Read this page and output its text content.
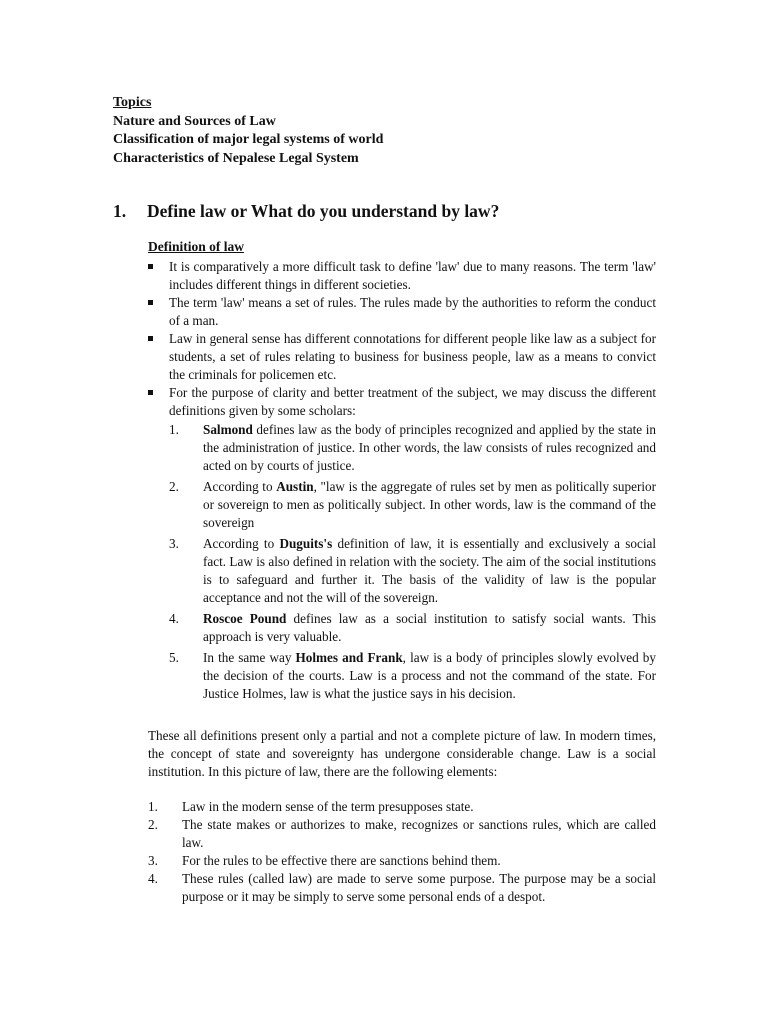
Topics
Nature and Sources of Law
Classification of major legal systems of world
Characteristics of Nepalese Legal System
1. Define law or What do you understand by law?
Definition of law
It is comparatively a more difficult task to define 'law' due to many reasons. The term 'law' includes different things in different societies.
The term 'law' means a set of rules. The rules made by the authorities to reform the conduct of a man.
Law in general sense has different connotations for different people like law as a subject for students, a set of rules relating to business for business people, law as a means to convict the criminals for policemen etc.
For the purpose of clarity and better treatment of the subject, we may discuss the different definitions given by some scholars:
1. Salmond defines law as the body of principles recognized and applied by the state in the administration of justice. In other words, the law consists of rules recognized and acted on by courts of justice.
2. According to Austin, "law is the aggregate of rules set by men as politically superior or sovereign to men as politically subject. In other words, law is the command of the sovereign
3. According to Duguits's definition of law, it is essentially and exclusively a social fact. Law is also defined in relation with the society. The aim of the social institutions is to safeguard and further it. The basis of the validity of law is the popular acceptance and not the will of the sovereign.
4. Roscoe Pound defines law as a social institution to satisfy social wants. This approach is very valuable.
5. In the same way Holmes and Frank, law is a body of principles slowly evolved by the decision of the courts. Law is a process and not the command of the state. For Justice Holmes, law is what the justice says in his decision.

These all definitions present only a partial and not a complete picture of law. In modern times, the concept of state and sovereignty has undergone considerable change. Law is a social institution. In this picture of law, there are the following elements:

1. Law in the modern sense of the term presupposes state.
2. The state makes or authorizes to make, recognizes or sanctions rules, which are called law.
3. For the rules to be effective there are sanctions behind them.
4. These rules (called law) are made to serve some purpose. The purpose may be a social purpose or it may be simply to serve some personal ends of a despot.
